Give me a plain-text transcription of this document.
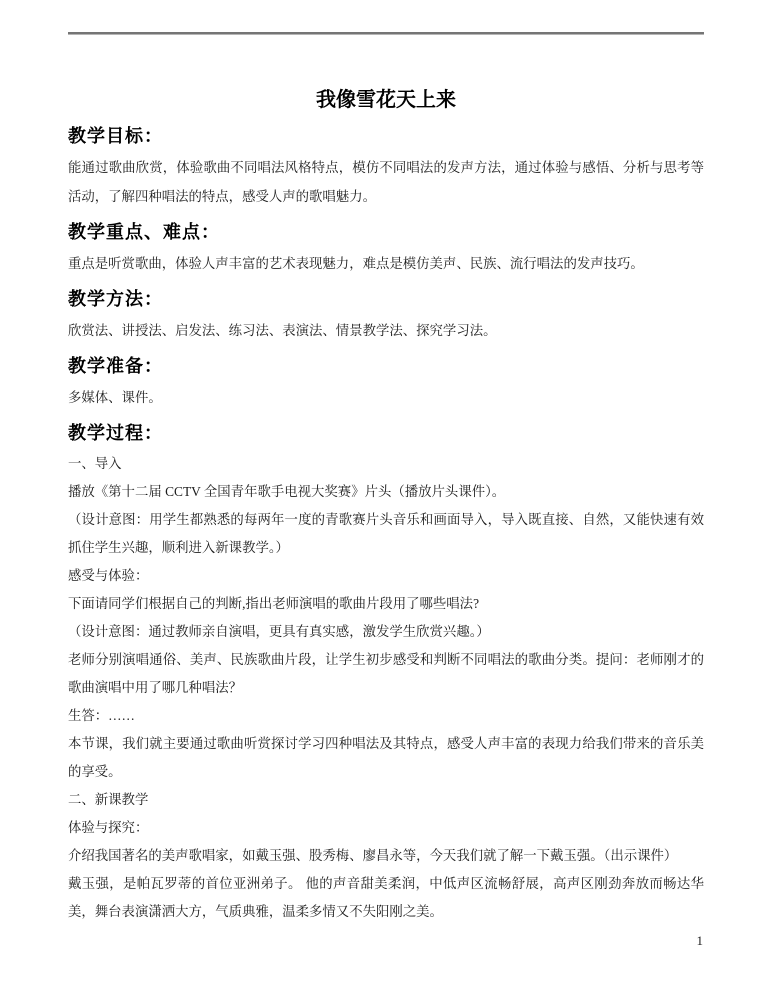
我像雪花天上来
教学目标：

能通过歌曲欣赏，体验歌曲不同唱法风格特点，模仿不同唱法的发声方法，通过体验与感悟、分析与思考等活动，了解四种唱法的特点，感受人声的歌唱魅力。

教学重点、难点：

重点是听赏歌曲，体验人声丰富的艺术表现魅力，难点是模仿美声、民族、流行唱法的发声技巧。

教学方法：

欣赏法、讲授法、启发法、练习法、表演法、情景教学法、探究学习法。

教学准备：

多媒体、课件。

教学过程：

一、导入

播放《第十二届 CCTV 全国青年歌手电视大奖赛》片头（播放片头课件）。

（设计意图：用学生都熟悉的每两年一度的青歌赛片头音乐和画面导入，导入既直接、自然，又能快速有效抓住学生兴趣，顺利进入新课教学。）

感受与体验：

下面请同学们根据自己的判断,指出老师演唱的歌曲片段用了哪些唱法?

（设计意图：通过教师亲自演唱，更具有真实感，激发学生欣赏兴趣。）

老师分别演唱通俗、美声、民族歌曲片段，让学生初步感受和判断不同唱法的歌曲分类。提问：老师刚才的歌曲演唱中用了哪几种唱法？

生答：……

本节课，我们就主要通过歌曲听赏探讨学习四种唱法及其特点，感受人声丰富的表现力给我们带来的音乐美的享受。

二、新课教学

体验与探究：

介绍我国著名的美声歌唱家，如戴玉强、股秀梅、廖昌永等，今天我们就了解一下戴玉强。（出示课件）

戴玉强，是帕瓦罗蒂的首位亚洲弟子。 他的声音甜美柔润，中低声区流畅舒展，高声区刚劲奔放而畅达华美，舞台表演潇洒大方，气质典雅，温柔多情又不失阳刚之美。

1
